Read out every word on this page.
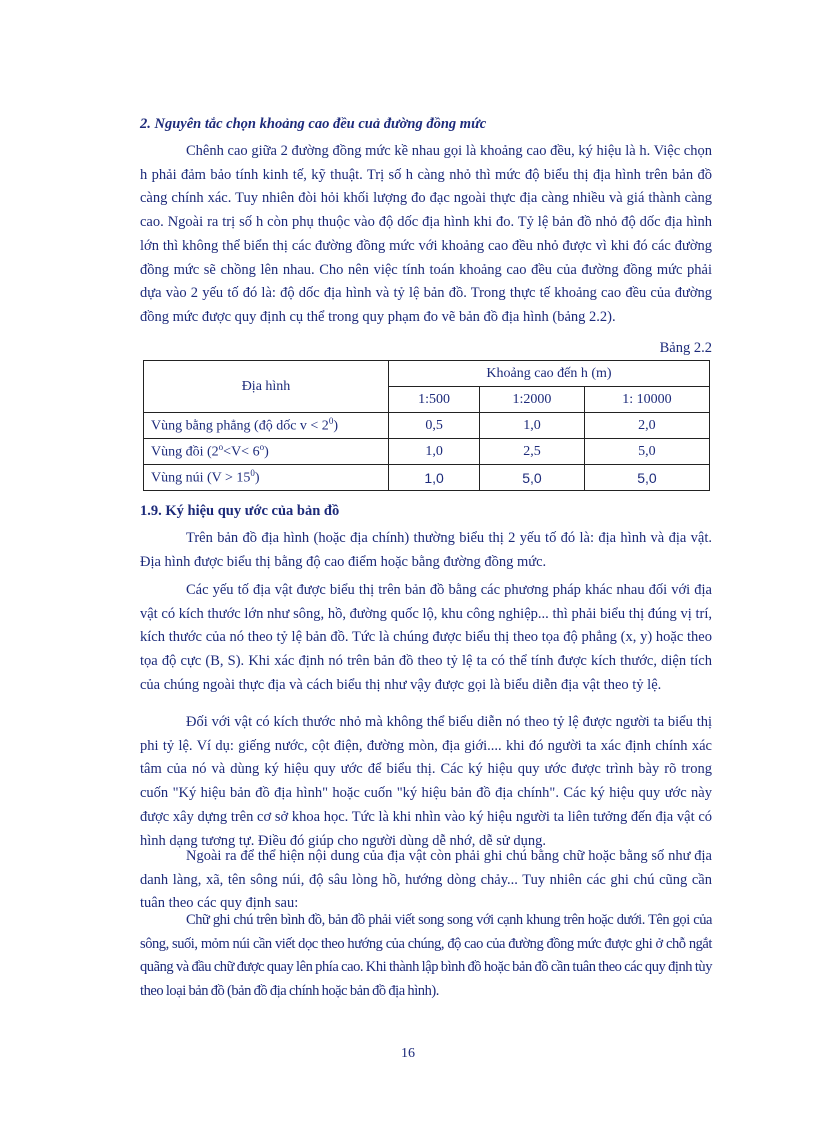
2. Nguyên tắc chọn khoảng cao đều cuả đường đồng mức

Chênh cao giữa 2 đường đồng mức kề nhau gọi là khoảng cao đều, ký hiệu là h. Việc chọn h phải đảm bảo tính kinh tế, kỹ thuật. Trị số h càng nhỏ thì mức độ biểu thị địa hình trên bản đồ càng chính xác. Tuy nhiên đòi hỏi khối lượng đo đạc ngoài thực địa càng nhiều và giá thành càng cao. Ngoài ra trị số h còn phụ thuộc vào độ dốc địa hình khi đo. Tỷ lệ bản đồ nhỏ độ dốc địa hình lớn thì không thể biển thị các đường đồng mức với khoảng cao đều nhỏ được vì khi đó các đường đồng mức sẽ chồng lên nhau. Cho nên việc tính toán khoảng cao đều của đường đồng mức phải dựa vào 2 yếu tố đó là: độ dốc địa hình và tỷ lệ bản đồ. Trong thực tế khoảng cao đều của đường đồng mức được quy định cụ thể trong quy phạm đo vẽ bản đồ địa hình (bảng 2.2).

Bảng 2.2

Địa hình	Khoảng cao đến h (m)		
	1:500	1:2000	1: 10000
Vùng bằng phẳng (độ dốc $v < 2^0$)	0,5	1,0	2,0
Vùng đồi $(2^o<V< 6^o)$	1,0	2,5	5,0
Vùng núi $(V > 15^0)$	1,0	5,0	5,0

1.9. Ký hiệu quy ước của bản đồ

Trên bản đồ địa hình (hoặc địa chính) thường biểu thị 2 yếu tố đó là: địa hình và địa vật. Địa hình được biểu thị bằng độ cao điểm hoặc bằng đường đồng mức.

Các yếu tố địa vật được biểu thị trên bản đồ bằng các phương pháp khác nhau đối với địa vật có kích thước lớn như sông, hồ, đường quốc lộ, khu công nghiệp... thì phải biểu thị đúng vị trí, kích thước của nó theo tỷ lệ bản đồ. Tức là chúng được biểu thị theo tọa độ phẳng (x, y) hoặc theo tọa độ cực (B, S). Khi xác định nó trên bản đồ theo tỷ lệ ta có thể tính được kích thước, diện tích của chúng ngoài thực địa và cách biểu thị như vậy được gọi là biểu diễn địa vật theo tỷ lệ.

Đối với vật có kích thước nhỏ mà không thể biểu diễn nó theo tỷ lệ được người ta biểu thị phi tỷ lệ. Ví dụ: giếng nước, cột điện, đường mòn, địa giới.... khi đó người ta xác định chính xác tâm của nó và dùng ký hiệu quy ước để biểu thị. Các ký hiệu quy ước được trình bày rõ trong cuốn "Ký hiệu bản đồ địa hình" hoặc cuốn "ký hiệu bản đồ địa chính". Các ký hiệu quy ước này được xây dựng trên cơ sở khoa học. Tức là khi nhìn vào ký hiệu người ta liên tưởng đến địa vật có hình dạng tương tự. Điều đó giúp cho người dùng dễ nhớ, dễ sử dụng.

Ngoài ra để thể hiện nội dung của địa vật còn phải ghi chú bằng chữ hoặc bằng số như địa danh làng, xã, tên sông núi, độ sâu lòng hồ, hướng dòng chảy... Tuy nhiên các ghi chú cũng cần tuân theo các quy định sau:

Chữ ghi chú trên bình đồ, bản đồ phải viết song song với cạnh khung trên hoặc dưới. Tên gọi của sông, suối, mỏm núi cần viết dọc theo hướng của chúng, độ cao của đường đồng mức được ghi ở chỗ ngắt quãng và đầu chữ được quay lên phía cao. Khi thành lập bình đồ hoặc bản đồ cần tuân theo các quy định tùy theo loại bản đồ (bản đồ địa chính hoặc bản đồ địa hình).

16
